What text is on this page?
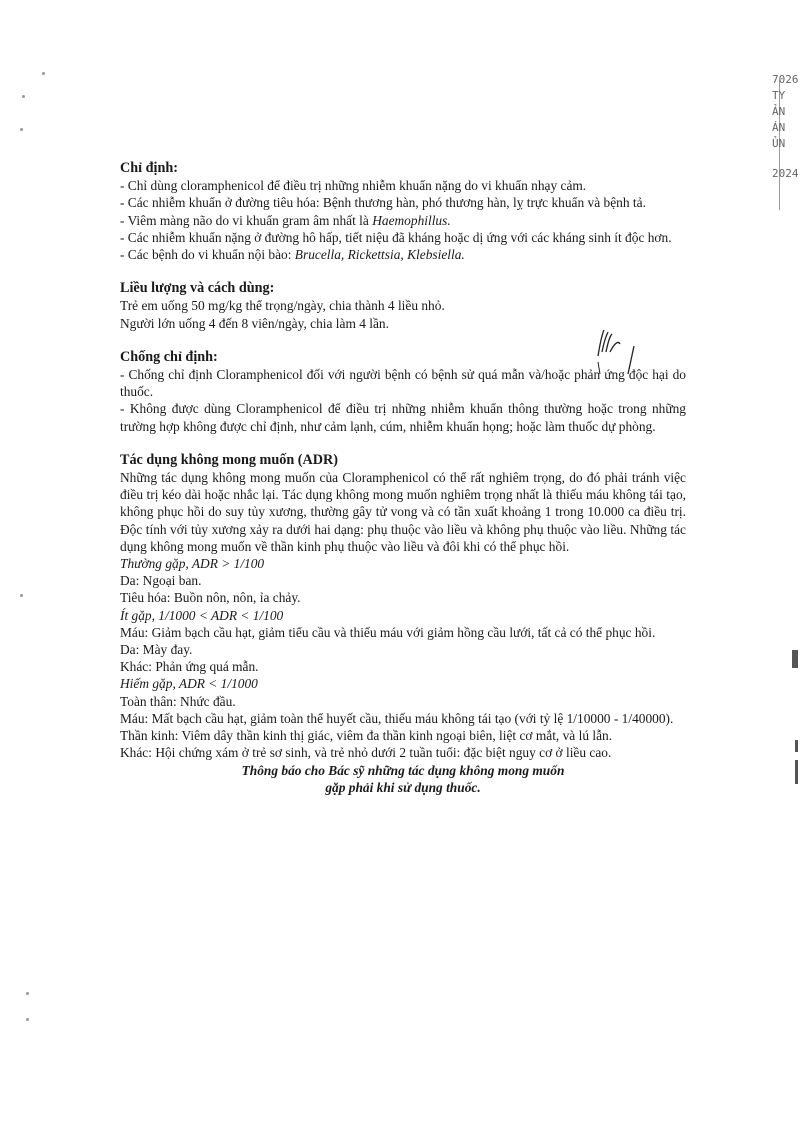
7026
TY
ẢN
ÁN
ỦN
2024

Chỉ định:

- Chỉ dùng cloramphenicol để điều trị những nhiễm khuẩn nặng do vi khuẩn nhạy cảm.

- Các nhiễm khuẩn ở đường tiêu hóa: Bệnh thương hàn, phó thương hàn, lỵ trực khuẩn và bệnh tả.

- Viêm màng não do vi khuẩn gram âm nhất là Haemophillus.

- Các nhiễm khuẩn nặng ở đường hô hấp, tiết niệu đã kháng hoặc dị ứng với các kháng sinh ít độc hơn.

- Các bệnh do vi khuẩn nội bào: Brucella, Rickettsia, Klebsiella.

Liều lượng và cách dùng:

Trẻ em uống 50 mg/kg thể trọng/ngày, chia thành 4 liều nhỏ.

Người lớn uống 4 đến 8 viên/ngày, chia làm 4 lần.

Chống chỉ định:

- Chống chỉ định Cloramphenicol đối với người bệnh có bệnh sử quá mẫn và/hoặc phản ứng độc hại do thuốc.

- Không được dùng Cloramphenicol để điều trị những nhiễm khuẩn thông thường hoặc trong những trường hợp không được chỉ định, như cảm lạnh, cúm, nhiễm khuẩn họng; hoặc làm thuốc dự phòng.

Tác dụng không mong muốn (ADR)

Những tác dụng không mong muốn của Cloramphenicol có thể rất nghiêm trọng, do đó phải tránh việc điều trị kéo dài hoặc nhắc lại. Tác dụng không mong muốn nghiêm trọng nhất là thiếu máu không tái tạo, không phục hồi do suy tủy xương, thường gây tử vong và có tần xuất khoảng 1 trong 10.000 ca điều trị. Độc tính với tủy xương xảy ra dưới hai dạng: phụ thuộc vào liều và không phụ thuộc vào liều. Những tác dụng không mong muốn về thần kinh phụ thuộc vào liều và đôi khi có thể phục hồi.

Thường gặp, ADR > 1/100

Da: Ngoại ban.

Tiêu hóa: Buồn nôn, nôn, ỉa chảy.

Ít gặp, 1/1000 < ADR < 1/100

Máu: Giảm bạch cầu hạt, giảm tiểu cầu và thiếu máu với giảm hồng cầu lưới, tất cả có thể phục hồi.

Da: Mày đay.

Khác: Phản ứng quá mẫn.

Hiếm gặp, ADR < 1/1000

Toàn thân: Nhức đầu.

Máu: Mất bạch cầu hạt, giảm toàn thể huyết cầu, thiếu máu không tái tạo (với tỷ lệ 1/10000 - 1/40000).

Thần kinh: Viêm dây thần kinh thị giác, viêm đa thần kinh ngoại biên, liệt cơ mắt, và lú lẫn.

Khác: Hội chứng xám ở trẻ sơ sinh, và trẻ nhỏ dưới 2 tuần tuổi: đặc biệt nguy cơ ở liều cao.

Thông báo cho Bác sỹ những tác dụng không mong muốn

gặp phải khi sử dụng thuốc.
